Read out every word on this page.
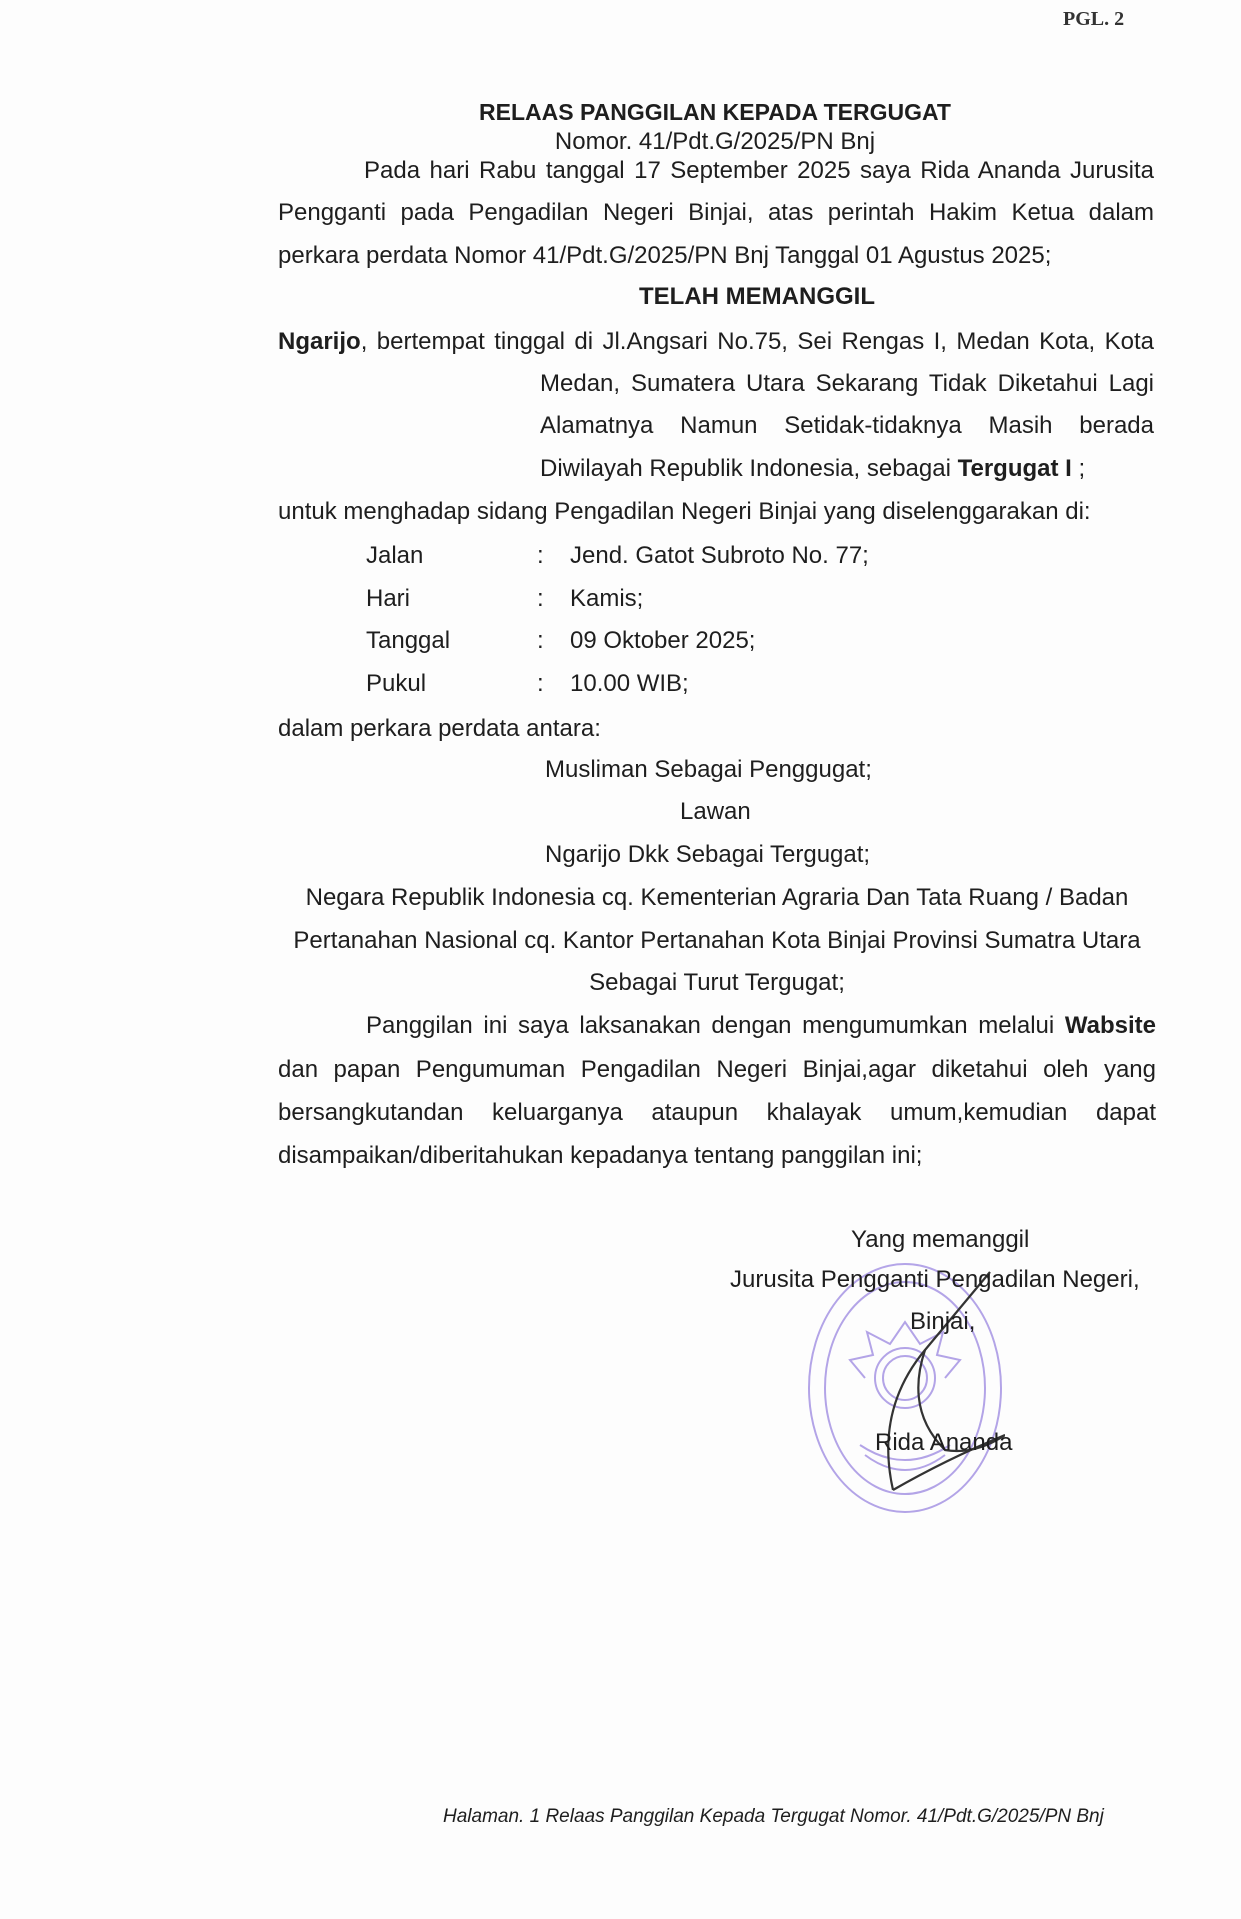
PGL. 2
RELAAS PANGGILAN KEPADA TERGUGAT
Nomor. 41/Pdt.G/2025/PN Bnj
Pada hari Rabu tanggal 17 September 2025 saya Rida Ananda Jurusita
Pengganti pada Pengadilan Negeri Binjai, atas perintah Hakim Ketua dalam
perkara perdata Nomor 41/Pdt.G/2025/PN Bnj Tanggal 01 Agustus 2025;
TELAH MEMANGGIL
Ngarijo, bertempat tinggal di Jl.Angsari No.75, Sei Rengas I, Medan Kota, Kota
Medan, Sumatera Utara Sekarang Tidak Diketahui Lagi
Alamatnya Namun Setidak-tidaknya Masih berada
Diwilayah Republik Indonesia, sebagai Tergugat I ;
untuk menghadap sidang Pengadilan Negeri Binjai yang diselenggarakan di:
Jalan	: Jend. Gatot Subroto No. 77;
Hari	: Kamis;
Tanggal	: 09 Oktober 2025;
Pukul	: 10.00 WIB;
dalam perkara perdata antara:
Musliman Sebagai Penggugat;
Lawan
Ngarijo Dkk Sebagai Tergugat;
Negara Republik Indonesia cq. Kementerian Agraria Dan Tata Ruang / Badan
Pertanahan Nasional cq. Kantor Pertanahan Kota Binjai Provinsi Sumatra Utara
Sebagai Turut Tergugat;
Panggilan ini saya laksanakan dengan mengumumkan melalui Wabsite
dan papan Pengumuman Pengadilan Negeri Binjai,agar diketahui oleh yang
bersangkutandan keluarganya ataupun khalayak umum,kemudian dapat
disampaikan/diberitahukan kepadanya tentang panggilan ini;
Yang memanggil
Jurusita Pengganti Pengadilan Negeri,
Binjai,
Rida Ananda
Halaman. 1 Relaas Panggilan Kepada Tergugat Nomor. 41/Pdt.G/2025/PN Bnj
